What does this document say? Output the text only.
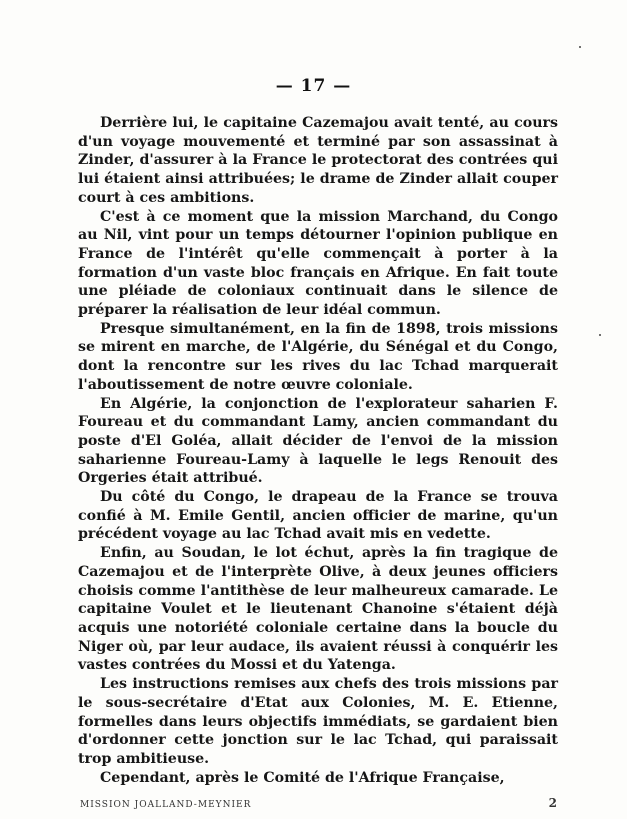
— 17 —

Derrière lui, le capitaine Cazemajou avait tenté, au cours d'un voyage mouvementé et terminé par son assassinat à Zinder, d'assurer à la France le protectorat des contrées qui lui étaient ainsi attribuées; le drame de Zinder allait couper court à ces ambitions.

C'est à ce moment que la mission Marchand, du Congo au Nil, vint pour un temps détourner l'opinion publique en France de l'intérêt qu'elle commençait à porter à la formation d'un vaste bloc français en Afrique. En fait toute une pléiade de coloniaux continuait dans le silence de préparer la réalisation de leur idéal commun.

Presque simultanément, en la fin de 1898, trois missions se mirent en marche, de l'Algérie, du Sénégal et du Congo, dont la rencontre sur les rives du lac Tchad marquerait l'aboutissement de notre œuvre coloniale.

En Algérie, la conjonction de l'explorateur saharien F. Foureau et du commandant Lamy, ancien commandant du poste d'El Goléa, allait décider de l'envoi de la mission saharienne Foureau-Lamy à laquelle le legs Renouit des Orgeries était attribué.

Du côté du Congo, le drapeau de la France se trouva confié à M. Emile Gentil, ancien officier de marine, qu'un précédent voyage au lac Tchad avait mis en vedette.

Enfin, au Soudan, le lot échut, après la fin tragique de Cazemajou et de l'interprète Olive, à deux jeunes officiers choisis comme l'antithèse de leur malheureux camarade. Le capitaine Voulet et le lieutenant Chanoine s'étaient déjà acquis une notoriété coloniale certaine dans la boucle du Niger où, par leur audace, ils avaient réussi à conquérir les vastes contrées du Mossi et du Yatenga.

Les instructions remises aux chefs des trois missions par le sous-secrétaire d'Etat aux Colonies, M. E. Etienne, formelles dans leurs objectifs immédiats, se gardaient bien d'ordonner cette jonction sur le lac Tchad, qui paraissait trop ambitieuse.

Cependant, après le Comité de l'Afrique Française,

MISSION JOALLAND-MEYNIER	2
